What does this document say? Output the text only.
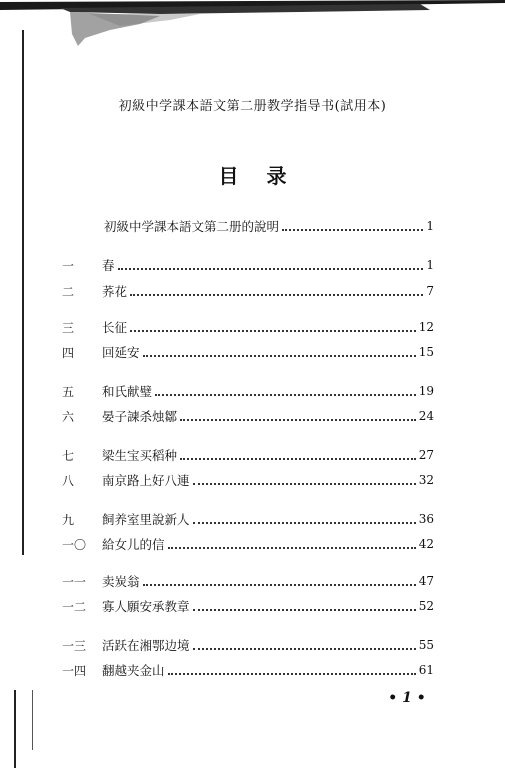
初級中学課本語文第二册教学指导书(試用本)
目 录
初級中学課本語文第二册的說明	1
一	春	1
二	荞花	7
三	长征	12
四	回延安	15
五	和氏献璧	19
六	晏子諫杀烛鄒	24
七	梁生宝买稻种	27
八	南京路上好八連	32
九	飼养室里說新人	36
一〇	給女儿的信	42
一一	卖炭翁	47
一二	寡人願安承教章	52
一三	活跃在湘鄂边境	55
一四	翻越夹金山	61
• 1 •
